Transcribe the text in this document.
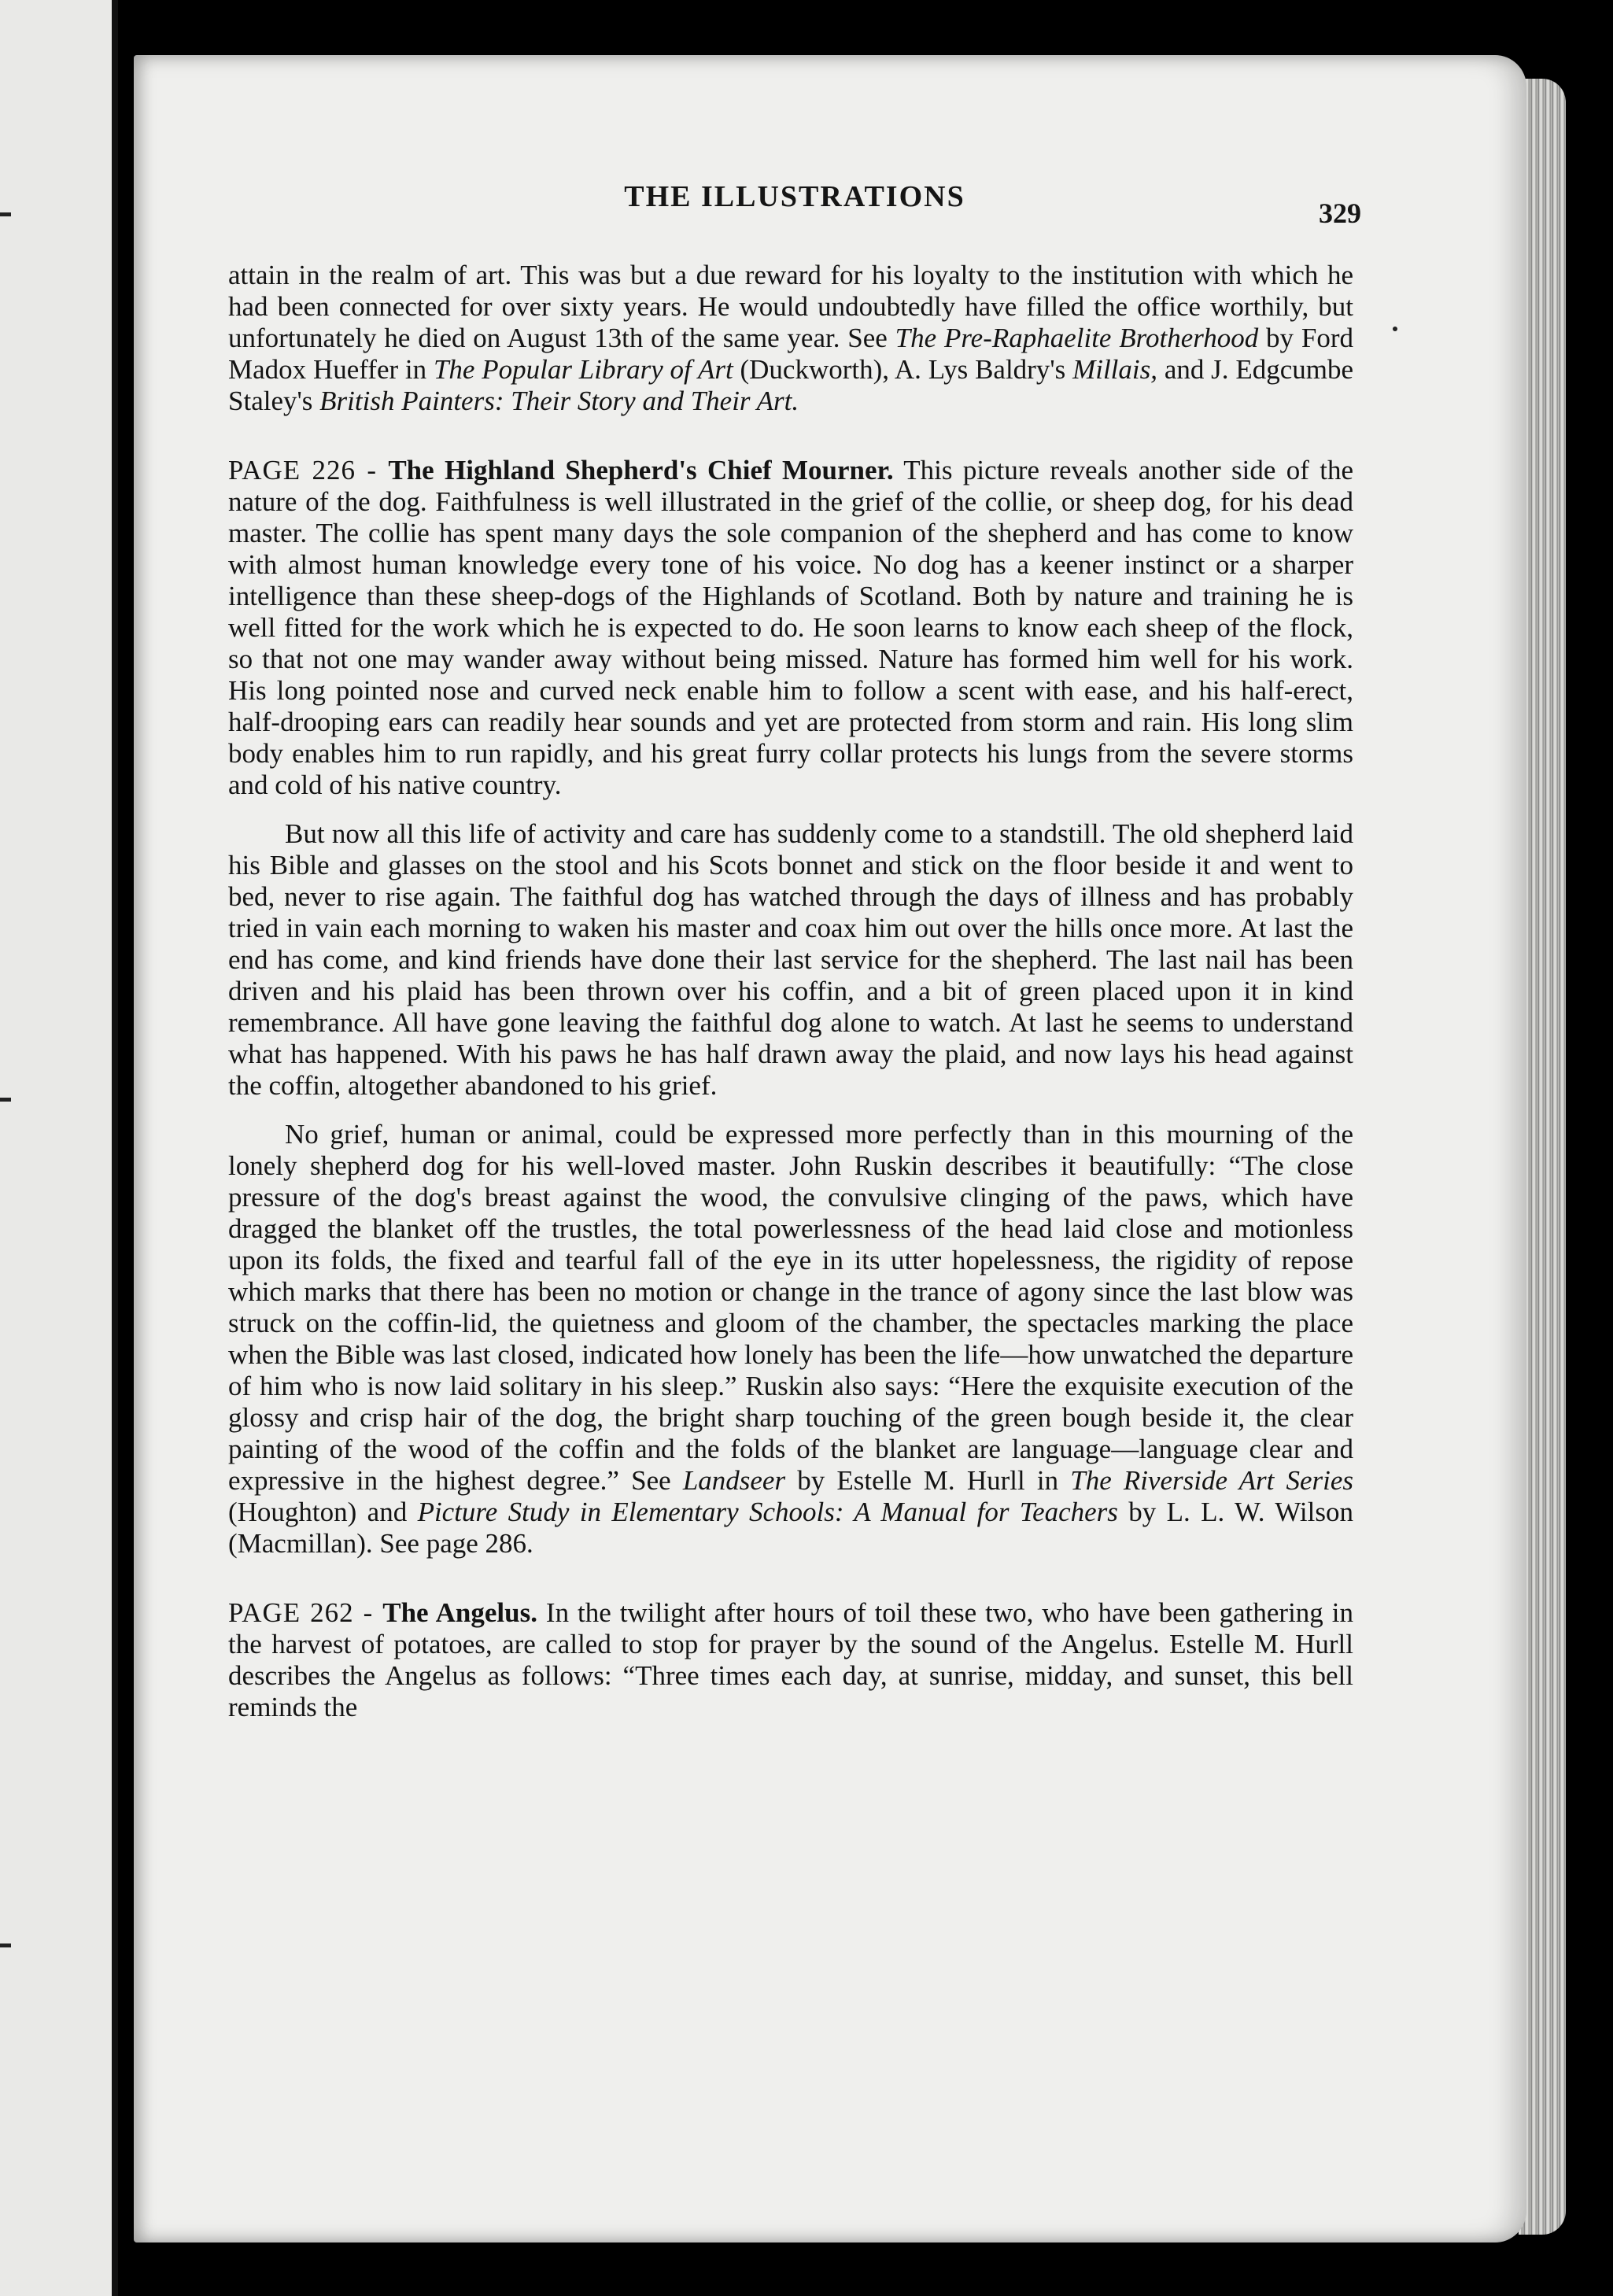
THE ILLUSTRATIONS	329

attain in the realm of art. This was but a due reward for his loyalty to the institution with which he had been connected for over sixty years. He would undoubtedly have filled the office worthily, but unfortunately he died on August 13th of the same year. See The Pre-Raphaelite Brotherhood by Ford Madox Hueffer in The Popular Library of Art (Duckworth), A. Lys Baldry's Millais, and J. Edgcumbe Staley's British Painters: Their Story and Their Art.

PAGE 226 - The Highland Shepherd's Chief Mourner. This picture reveals another side of the nature of the dog. Faithfulness is well illustrated in the grief of the collie, or sheep dog, for his dead master. The collie has spent many days the sole companion of the shepherd and has come to know with almost human knowledge every tone of his voice. No dog has a keener instinct or a sharper intelligence than these sheep-dogs of the Highlands of Scotland. Both by nature and training he is well fitted for the work which he is expected to do. He soon learns to know each sheep of the flock, so that not one may wander away without being missed. Nature has formed him well for his work. His long pointed nose and curved neck enable him to follow a scent with ease, and his half-erect, half-drooping ears can readily hear sounds and yet are protected from storm and rain. His long slim body enables him to run rapidly, and his great furry collar protects his lungs from the severe storms and cold of his native country.

But now all this life of activity and care has suddenly come to a standstill. The old shepherd laid his Bible and glasses on the stool and his Scots bonnet and stick on the floor beside it and went to bed, never to rise again. The faithful dog has watched through the days of illness and has probably tried in vain each morning to waken his master and coax him out over the hills once more. At last the end has come, and kind friends have done their last service for the shepherd. The last nail has been driven and his plaid has been thrown over his coffin, and a bit of green placed upon it in kind remembrance. All have gone leaving the faithful dog alone to watch. At last he seems to understand what has happened. With his paws he has half drawn away the plaid, and now lays his head against the coffin, altogether abandoned to his grief.

No grief, human or animal, could be expressed more perfectly than in this mourning of the lonely shepherd dog for his well-loved master. John Ruskin describes it beautifully: “The close pressure of the dog's breast against the wood, the convulsive clinging of the paws, which have dragged the blanket off the trustles, the total powerlessness of the head laid close and motionless upon its folds, the fixed and tearful fall of the eye in its utter hopelessness, the rigidity of repose which marks that there has been no motion or change in the trance of agony since the last blow was struck on the coffin-lid, the quietness and gloom of the chamber, the spectacles marking the place when the Bible was last closed, indicated how lonely has been the life—how unwatched the departure of him who is now laid solitary in his sleep.” Ruskin also says: “Here the exquisite execution of the glossy and crisp hair of the dog, the bright sharp touching of the green bough beside it, the clear painting of the wood of the coffin and the folds of the blanket are language—language clear and expressive in the highest degree.” See Landseer by Estelle M. Hurll in The Riverside Art Series (Houghton) and Picture Study in Elementary Schools: A Manual for Teachers by L. L. W. Wilson (Macmillan). See page 286.

PAGE 262 - The Angelus. In the twilight after hours of toil these two, who have been gathering in the harvest of potatoes, are called to stop for prayer by the sound of the Angelus. Estelle M. Hurll describes the Angelus as follows: “Three times each day, at sunrise, midday, and sunset, this bell reminds the
